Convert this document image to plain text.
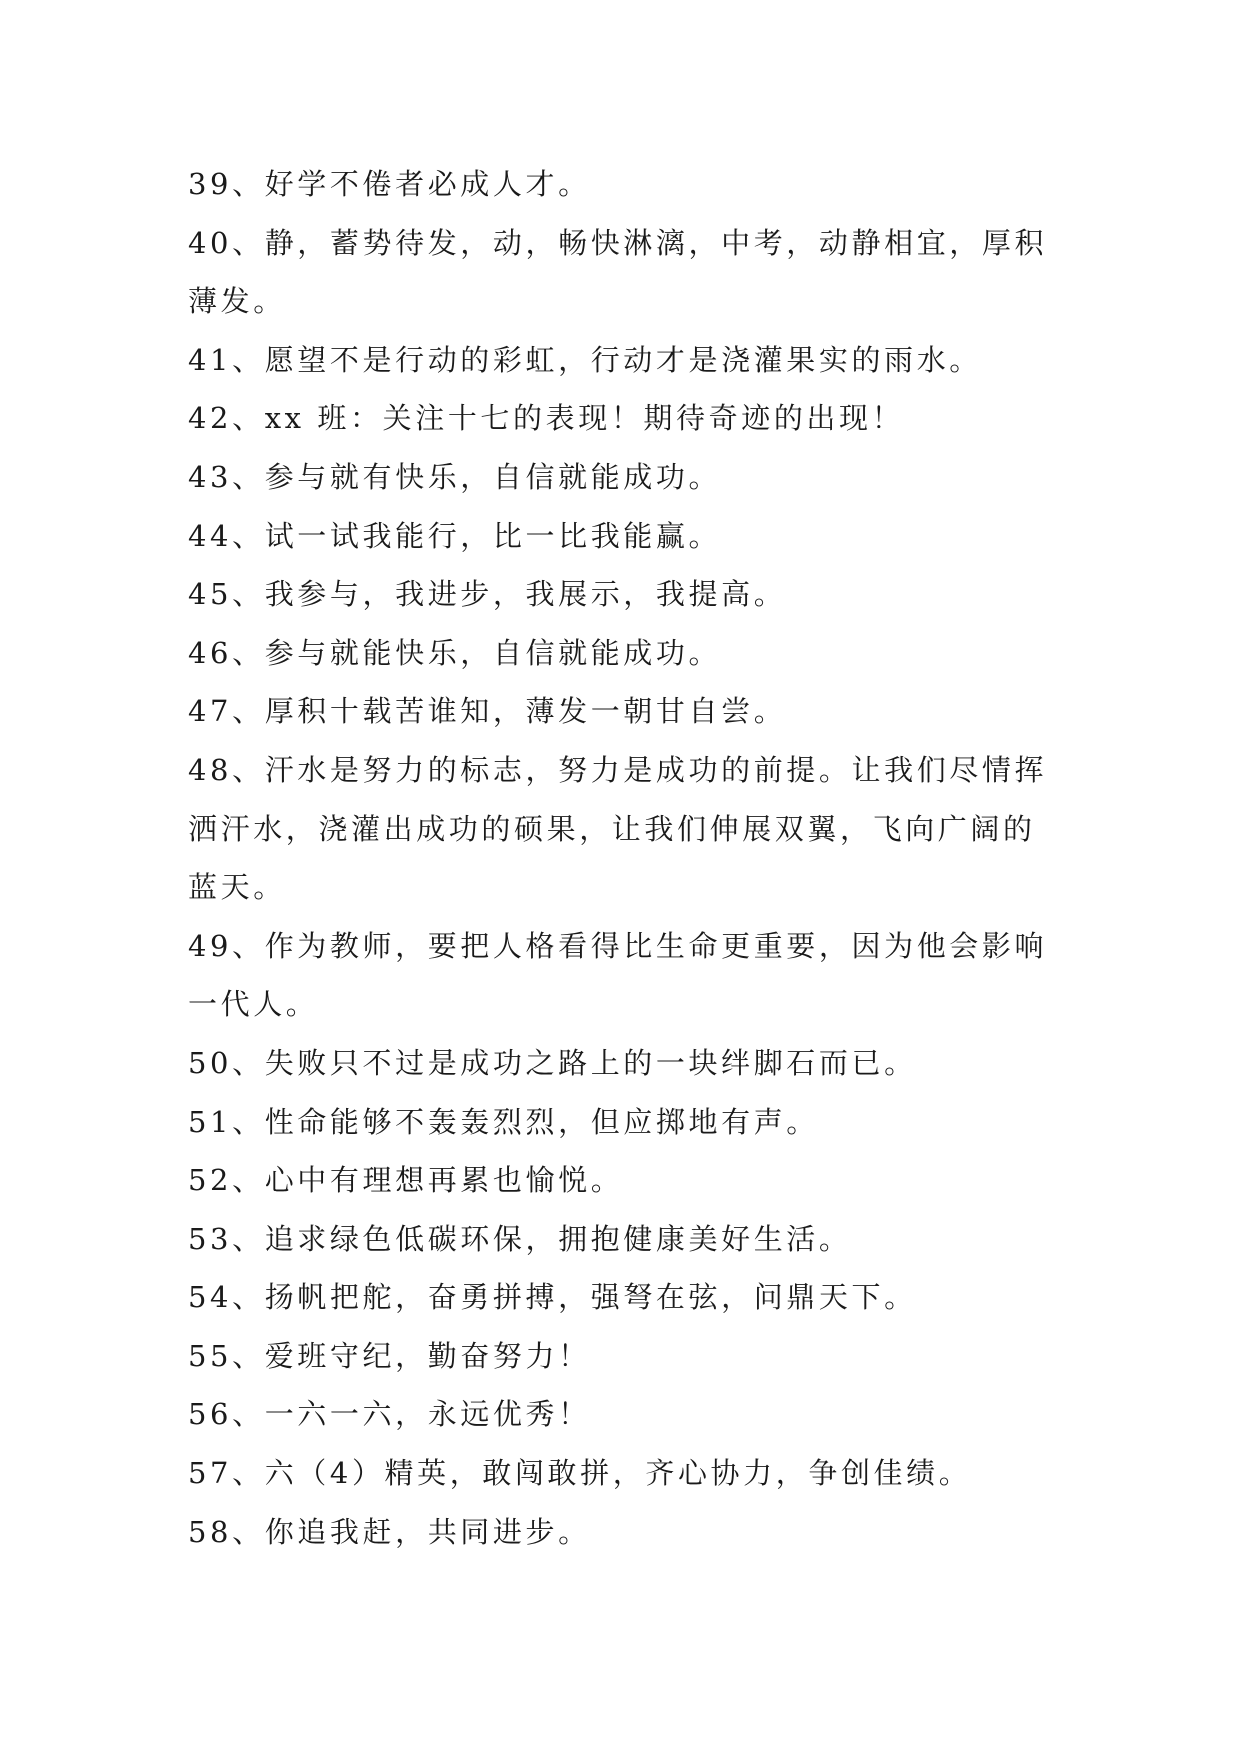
39、好学不倦者必成人才。

40、静，蓄势待发，动，畅快淋漓，中考，动静相宜，厚积

薄发。

41、愿望不是行动的彩虹，行动才是浇灌果实的雨水。

42、xx 班：关注十七的表现！期待奇迹的出现！

43、参与就有快乐，自信就能成功。

44、试一试我能行，比一比我能赢。

45、我参与，我进步，我展示，我提高。

46、参与就能快乐，自信就能成功。

47、厚积十载苦谁知，薄发一朝甘自尝。

48、汗水是努力的标志，努力是成功的前提。让我们尽情挥

洒汗水，浇灌出成功的硕果，让我们伸展双翼，飞向广阔的

蓝天。

49、作为教师，要把人格看得比生命更重要，因为他会影响

一代人。

50、失败只不过是成功之路上的一块绊脚石而已。

51、性命能够不轰轰烈烈，但应掷地有声。

52、心中有理想再累也愉悦。

53、追求绿色低碳环保，拥抱健康美好生活。

54、扬帆把舵，奋勇拼搏，强弩在弦，问鼎天下。

55、爱班守纪，勤奋努力！

56、一六一六，永远优秀！

57、六（4）精英，敢闯敢拼，齐心协力，争创佳绩。

58、你追我赶，共同进步。
